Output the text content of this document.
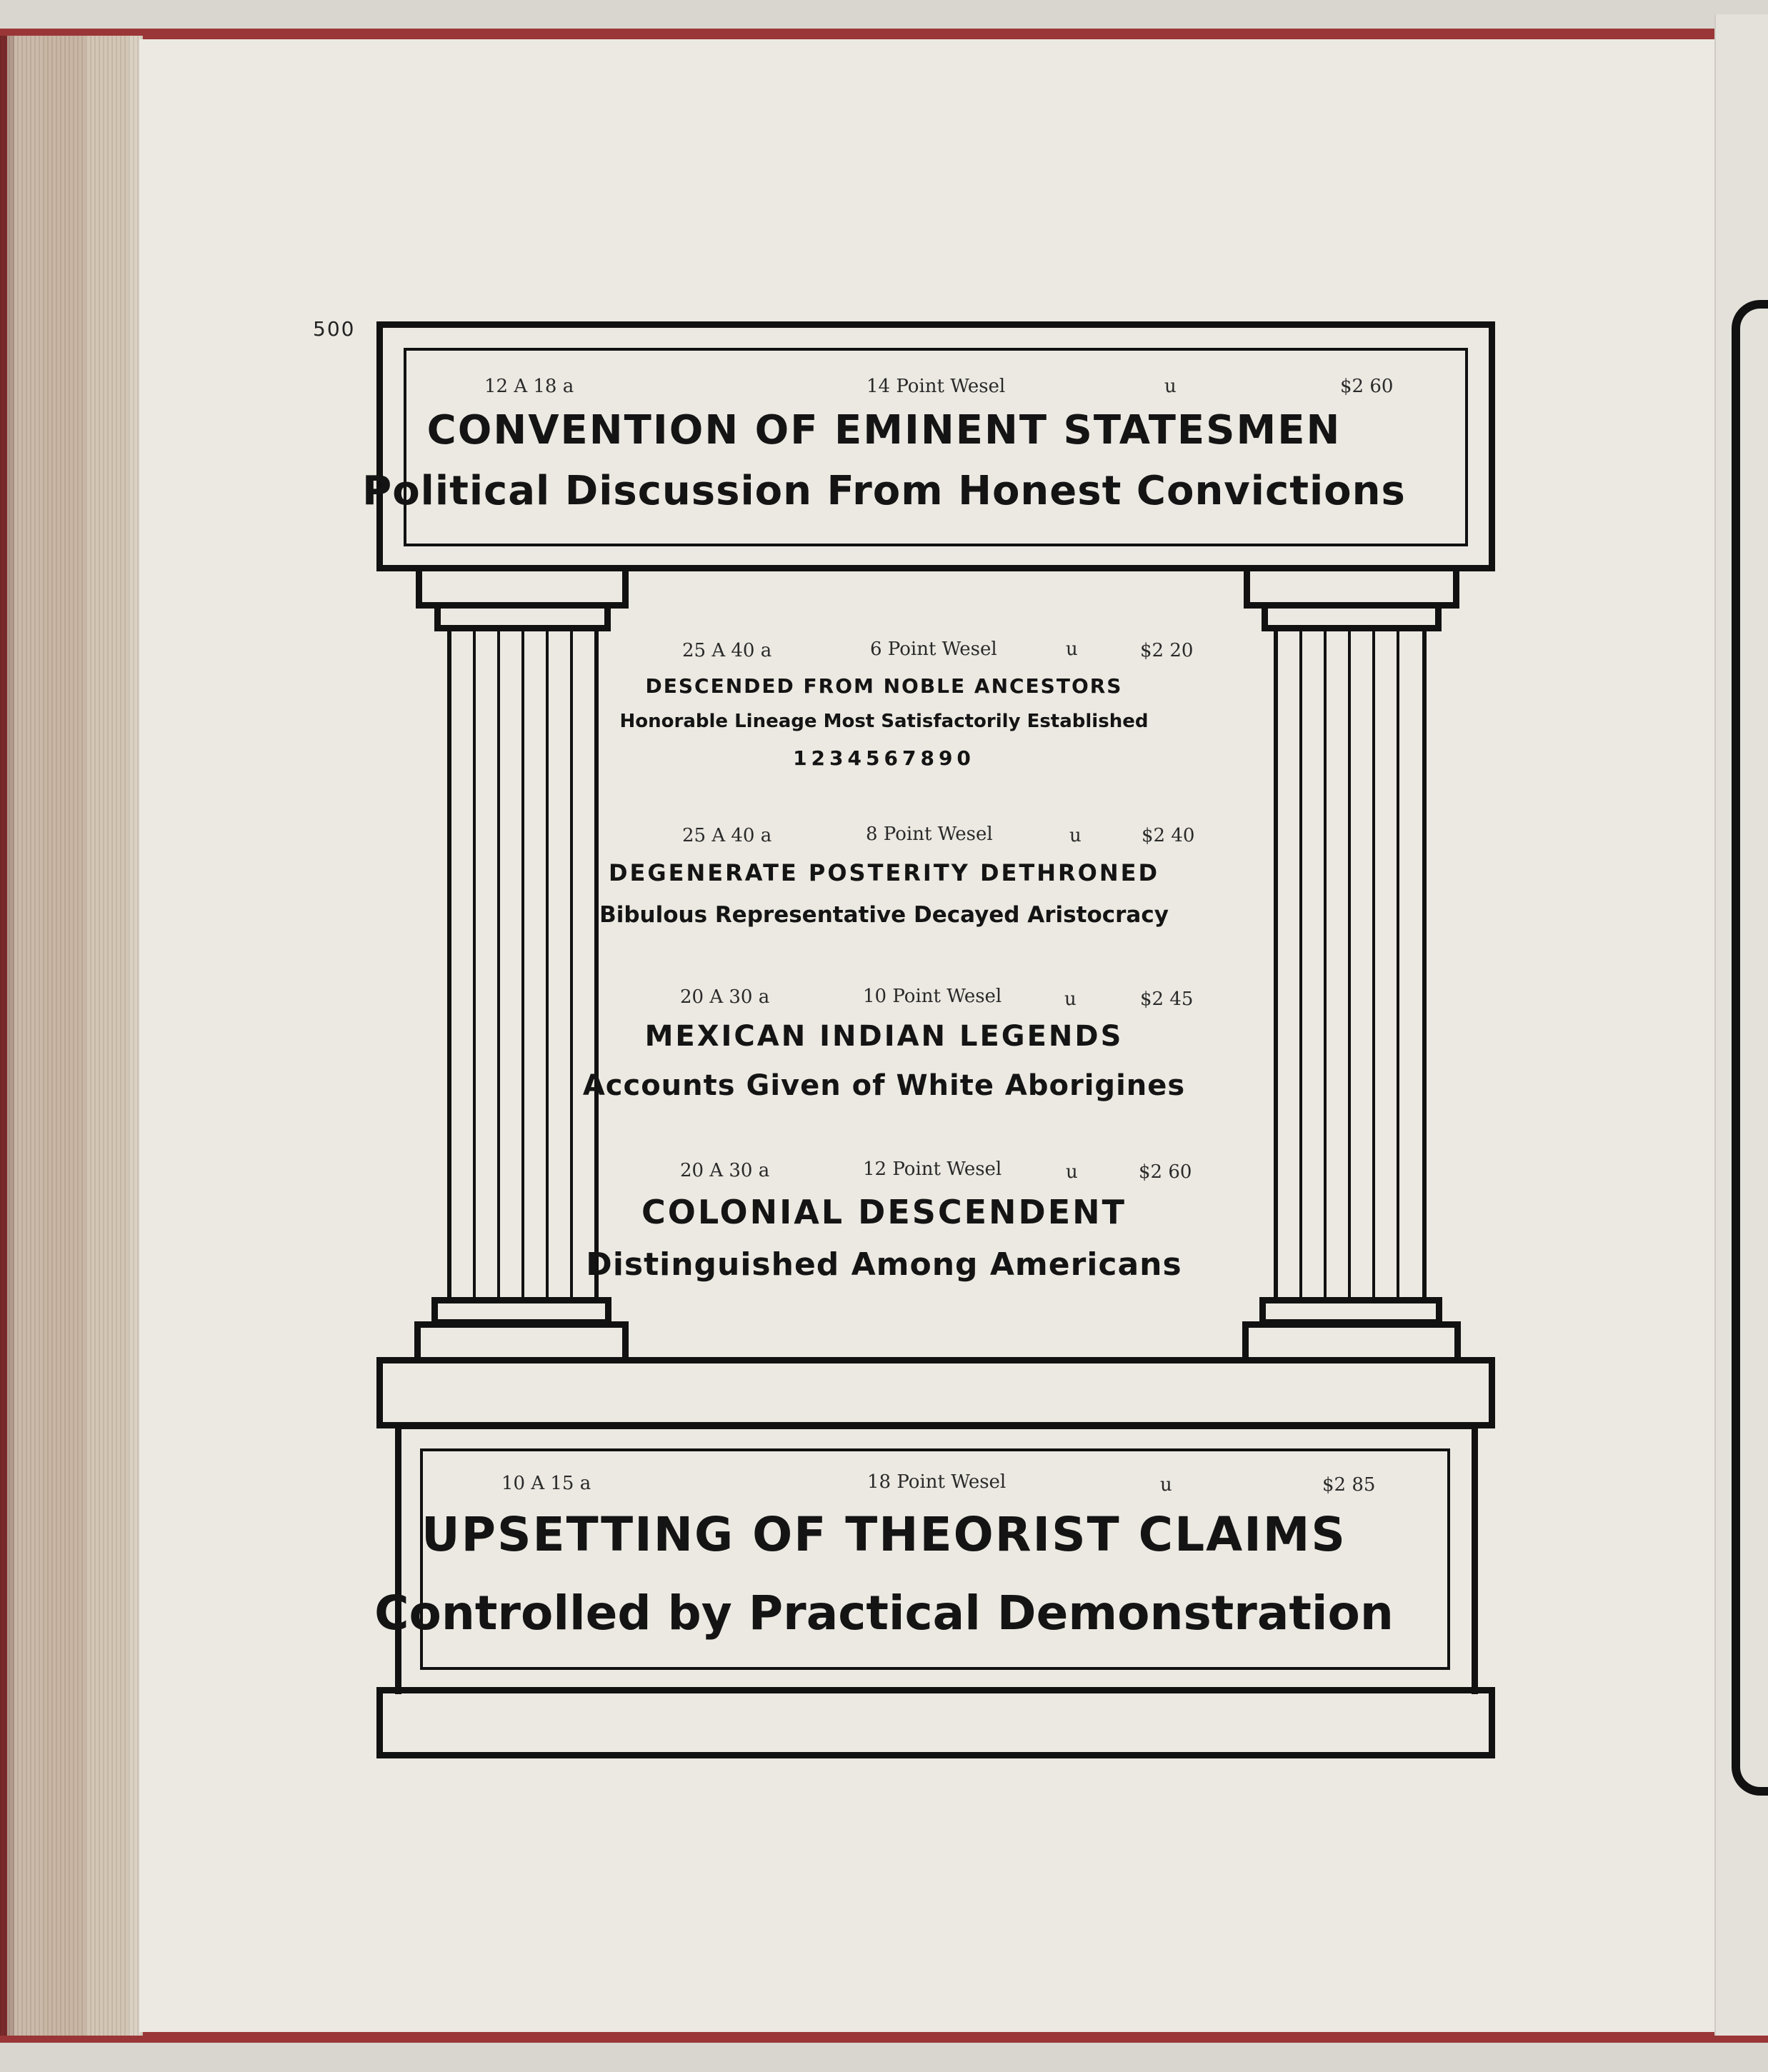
500
12 A 18 a	14 Point Wesel	u	$2 60
CONVENTION OF EMINENT STATESMEN
Political Discussion From Honest Convictions
25 A 40 a	6 Point Wesel	u	$2 20
DESCENDED FROM NOBLE ANCESTORS
Honorable Lineage Most Satisfactorily Established
1234567890
25 A 40 a	8 Point Wesel	u	$2 40
DEGENERATE POSTERITY DETHRONED
Bibulous Representative Decayed Aristocracy
20 A 30 a	10 Point Wesel	u	$2 45
MEXICAN INDIAN LEGENDS
Accounts Given of White Aborigines
20 A 30 a	12 Point Wesel	u	$2 60
COLONIAL DESCENDENT
Distinguished Among Americans
10 A 15 a	18 Point Wesel	u	$2 85
UPSETTING OF THEORIST CLAIMS
Controlled by Practical Demonstration
